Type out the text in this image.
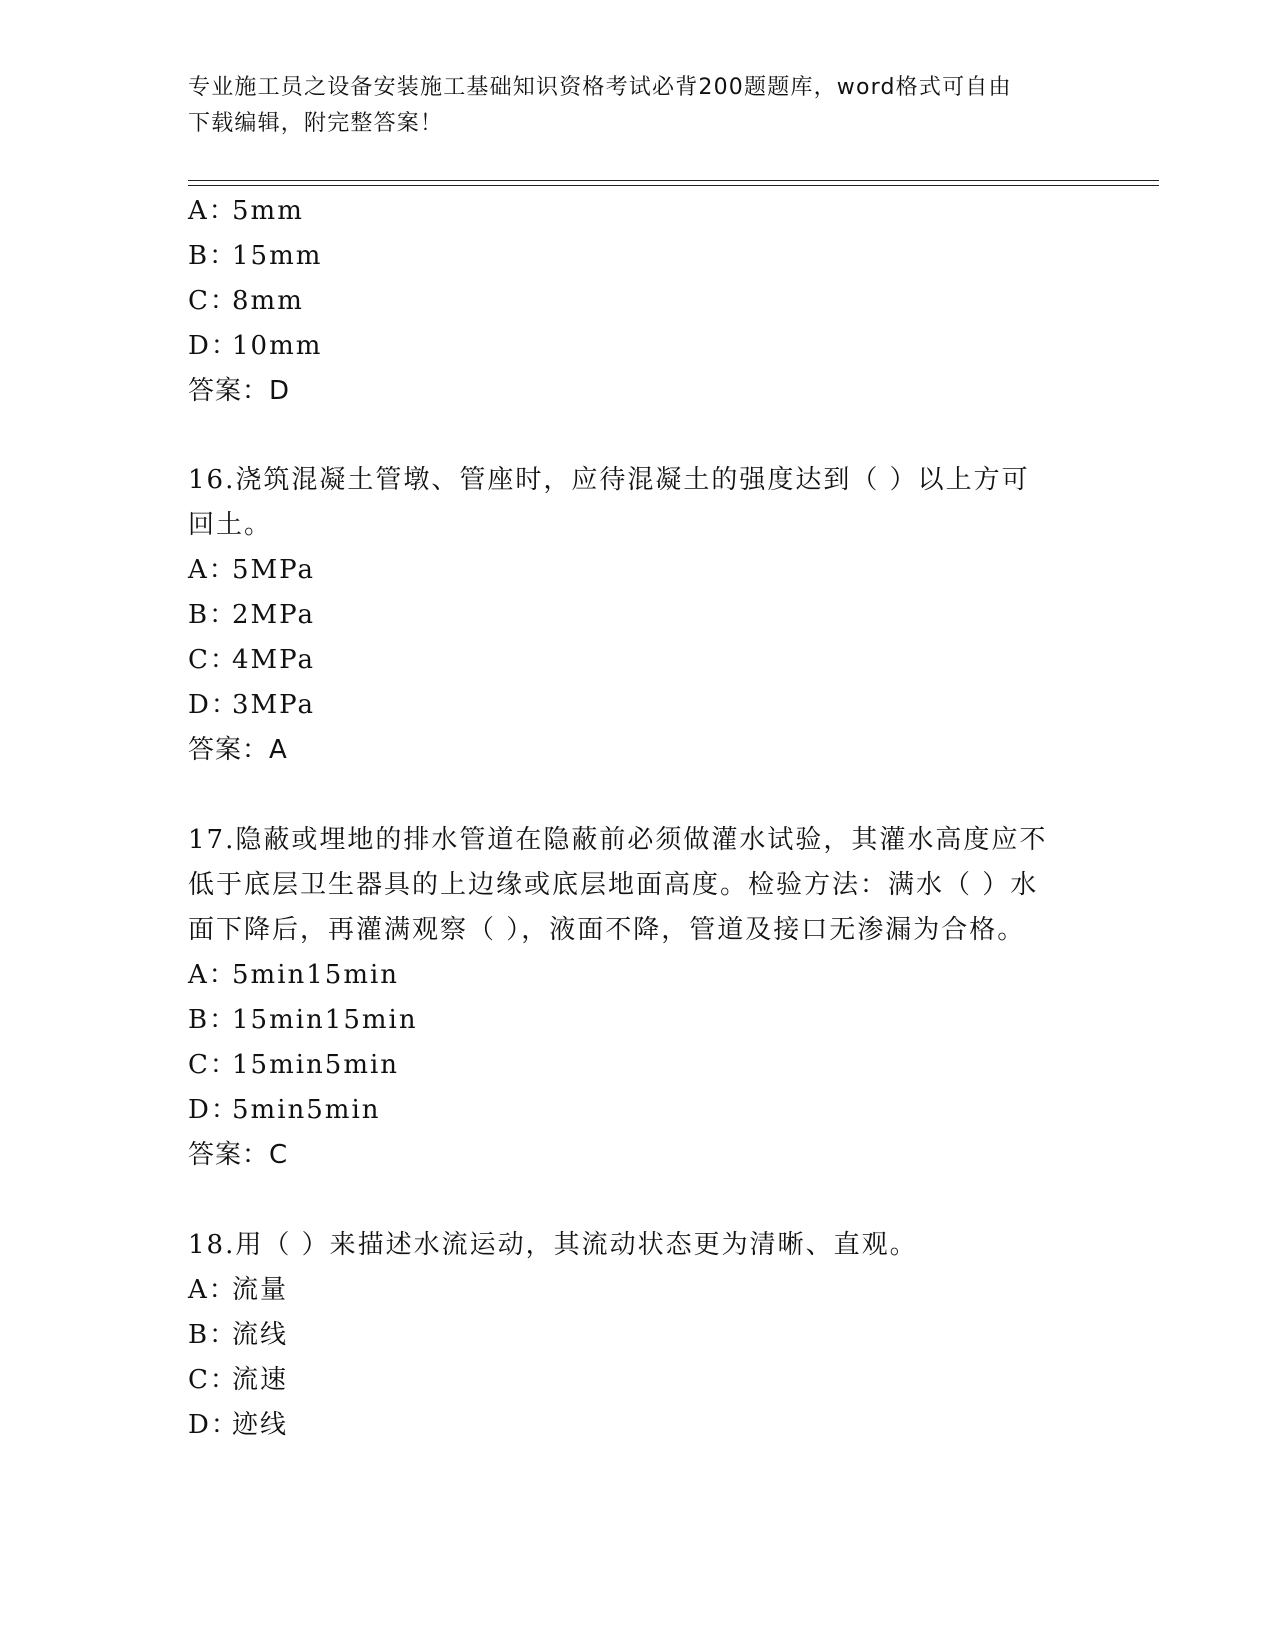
专业施工员之设备安装施工基础知识资格考试必背200题题库，word格式可自由
下载编辑，附完整答案！
A：5mm
B：15mm
C：8mm
D：10mm
答案：D
16.浇筑混凝土管墩、管座时，应待混凝土的强度达到（ ）以上方可
回土。
A：5MPa
B：2MPa
C：4MPa
D：3MPa
答案：A
17.隐蔽或埋地的排水管道在隐蔽前必须做灌水试验，其灌水高度应不
低于底层卫生器具的上边缘或底层地面高度。检验方法：满水（ ）水
面下降后，再灌满观察（ ），液面不降，管道及接口无渗漏为合格。
A：5min15min
B：15min15min
C：15min5min
D：5min5min
答案：C
18.用（ ）来描述水流运动，其流动状态更为清晰、直观。
A：流量
B：流线
C：流速
D：迹线
